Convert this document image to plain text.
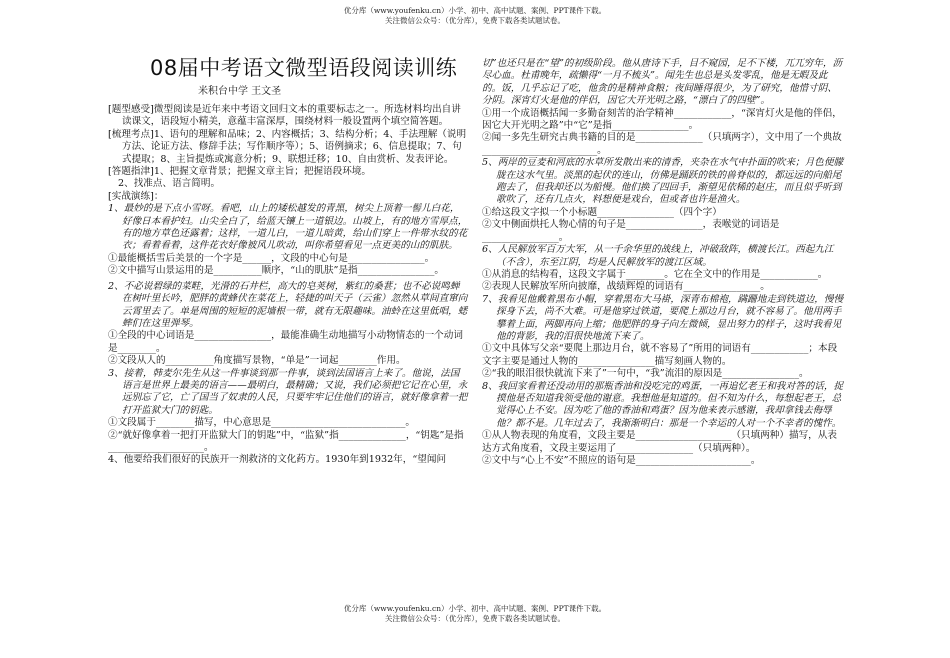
优分库（www.youfenku.cn）小学、初中、高中试题、案例、PPT课件下载。
关注微信公众号：（优分库），免费下载各类试题试卷。
08届中考语文微型语段阅读训练
米积台中学 王文圣

[题型感受]微型阅读是近年来中考语文回归文本的重要标志之一。所选材料均出自讲读课文，语段短小精美，意蕴丰富深厚，围绕材料一般设置两个填空简答题。

[梳理考点]1、语句的理解和品味；2、内容概括；3、结构分析；4、手法理解（说明方法、论证方法、修辞手法；写作顺序等）；5、语例摘求；6、信息提取；7、句式提取；8、主旨提炼或寓意分析；9、联想迁移；10、自由赏析、发表评论。

[答题指津]1、把握文章背景；把握文章主旨；把握语段环境。

2、找准点、语言简明。

[实战演练]：

1、最妙的是下点小雪呀。看吧，山上的矮松越发的青黑，树尖上顶着一髻儿白花，好像日本看护妇。山尖全白了，给蓝天镶上一道银边。山坡上，有的地方雪厚点，有的地方草色还露着；这样，一道儿白，一道儿暗黄，给山们穿上一件带水纹的花衣；看着看着，这件花衣好像被风儿吹动，叫你希望看见一点更美的山的肌肤。

①最能概括雪后美景的一个字是______，文段的中心句是________________。

②文中描写山景运用的是__________顺序，“山的肌肤”是指________________。

2、不必说碧绿的菜畦，光滑的石井栏，高大的皂荚树，紫红的桑葚；也不必说鸣蝉在树叶里长吟，肥胖的黄蜂伏在菜花上，轻捷的叫天子（云雀）忽然从草间直窜向云霄里去了。单是周围的短短的泥墙根一带，就有无限趣味。油蛉在这里低唱，蟋蟀们在这里弹琴。

①全段的中心词语是________________，最能准确生动地描写小动物情态的一个动词是________。

②文段从人的__________角度描写景物，“单是”一词起________作用。

3、接着，韩麦尔先生从这一件事谈到那一件事，谈到法国语言上来了。他说，法国语言是世界上最美的语言——最明白，最精确；又说，我们必须把它记在心里，永远别忘了它，亡了国当了奴隶的人民，只要牢牢记住他们的语言，就好像拿着一把打开监狱大门的钥匙。

①文段属于________描写，中心意思是____________________________。

②“就好像拿着一把打开监狱大门的钥匙”中，“监狱”指______________，“钥匙”是指____________________。

4、他要给我们很好的民族开一剂救济的文化药方。1930年到1932年，“望闻问

切”也还只是在“望”的初级阶段。他从唐诗下手，目不窥园，足不下楼，兀兀穷年，沥尽心血。杜甫晚年，疏懒得“一月不梳头”。闻先生也总是头发零乱，他是无暇及此的。饭，几乎忘记了吃，他贪的是精神食粮；夜间睡得很少，为了研究，他惜寸阴、分阴。深宵灯火是他的伴侣，因它大开光明之路，“漂白了的四壁”。

①用一个成语概括闻一多勤奋刻苦的治学精神____________，“深宵灯火是他的伴侣，因它大开光明之路”中“它”是指________________。

②闻一多先生研究古典书籍的目的是______________（只填两字），文中用了一个典故________________________。

5、两岸的豆麦和河底的水草所发散出来的清香，夹杂在水气中扑面的吹来；月色便朦胧在这水气里。淡黑的起伏的连山，仿佛是踊跃的铁的兽脊似的，都远远的向船尾跑去了，但我却还以为船慢。他们换了四回手，渐望见依稀的赵庄，而且似乎听到歌吹了，还有几点火，料想便是戏台，但或者也许是渔火。

①给这段文字拟一个小标题________________（四个字）

②文中侧面烘托人物心情的句子是________________，表喉觉的词语是________________。

6、人民解放军百万大军，从一千余华里的战线上，冲破敌阵，横渡长江。西起九江（不含），东至江阴，均是人民解放军的渡江区域。

①从消息的结构看，这段文字属于________。它在全文中的作用是____________。

②表现人民解放军所向披靡，战绩辉煌的词语有________________。

7、我看见他戴着黑布小帽，穿着黑布大马褂，深青布棉袍，蹒跚地走到铁道边，慢慢探身下去，尚不大难。可是他穿过铁道，要爬上那边月台，就不容易了。他用两手攀着上面，两脚再向上缩；他肥胖的身子向左微倾，显出努力的样子，这时我看见他的背影，我的泪很快地流下来了。

①文中具体写父亲“要爬上那边月台，就不容易了”所用的词语有____________；本段文字主要是通过人物的________________描写刻画人物的。

②“我的眼泪很快就流下来了”一句中，“我”流泪的原因是________________。

8、我回家看着还没动用的那瓶香油和没吃完的鸡蛋，一再追忆老王和我对答的话，捉摸他是否知道我领受他的谢意。我想他是知道的。但不知为什么，每想起老王，总觉得心上不安。因为吃了他的香油和鸡蛋？因为他来表示感谢，我却拿钱去侮辱他？都不是。几年过去了，我渐渐明白：那是一个幸运的人对一个不幸者的愧怍。

①从人物表现的角度看，文段主要是____________________（只填两种）描写，从表达方式角度看，文段主要运用了________________（只填两种）。

②文中与“心上不安”不照应的语句是________________________。

优分库（www.youfenku.cn）小学、初中、高中试题、案例、PPT课件下载。
关注微信公众号：（优分库），免费下载各类试题试卷。
